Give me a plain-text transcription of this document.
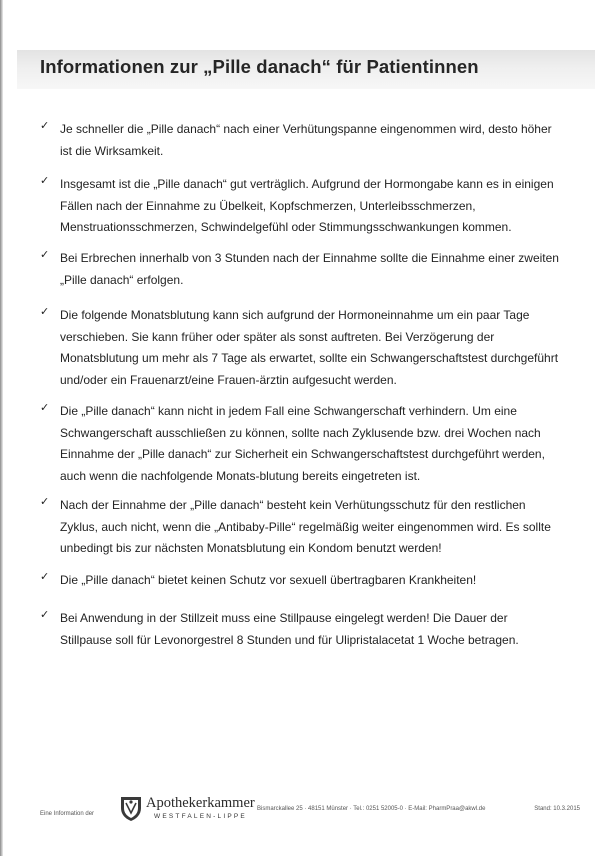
Informationen zur „Pille danach“ für Patientinnen
✓ Je schneller die „Pille danach“ nach einer Verhütungspanne eingenommen wird, desto höher ist die Wirksamkeit.
✓ Insgesamt ist die „Pille danach“ gut verträglich. Aufgrund der Hormongabe kann es in einigen Fällen nach der Einnahme zu Übelkeit, Kopfschmerzen, Unterleibsschmerzen, Menstruationsschmerzen, Schwindelgefühl oder Stimmungsschwankungen kommen.
✓ Bei Erbrechen innerhalb von 3 Stunden nach der Einnahme sollte die Einnahme einer zweiten „Pille danach“ erfolgen.
✓ Die folgende Monatsblutung kann sich aufgrund der Hormoneinnahme um ein paar Tage verschieben. Sie kann früher oder später als sonst auftreten. Bei Verzögerung der Monatsblutung um mehr als 7 Tage als erwartet, sollte ein Schwangerschaftstest durchgeführt und/oder ein Frauenarzt/eine Frauen-ärztin aufgesucht werden.
✓ Die „Pille danach“ kann nicht in jedem Fall eine Schwangerschaft verhindern. Um eine Schwangerschaft ausschließen zu können, sollte nach Zyklusende bzw. drei Wochen nach Einnahme der „Pille danach“ zur Sicherheit ein Schwangerschaftstest durchgeführt werden, auch wenn die nachfolgende Monats-blutung bereits eingetreten ist.
✓ Nach der Einnahme der „Pille danach“ besteht kein Verhütungsschutz für den restlichen Zyklus, auch nicht, wenn die „Antibaby-Pille“ regelmäßig weiter eingenommen wird. Es sollte unbedingt bis zur nächsten Monatsblutung ein Kondom benutzt werden!
✓ Die „Pille danach“ bietet keinen Schutz vor sexuell übertragbaren Krankheiten!
✓ Bei Anwendung in der Stillzeit muss eine Stillpause eingelegt werden! Die Dauer der Stillpause soll für Levonorgestrel 8 Stunden und für Ulipristalacetat 1 Woche betragen.
Eine Information der
Apothekerkammer
WESTFALEN-LIPPE
Bismarckallee 25 · 48151 Münster · Tel.: 0251 52005-0 · E-Mail: PharmPraa@akwl.de	Stand: 10.3.2015
